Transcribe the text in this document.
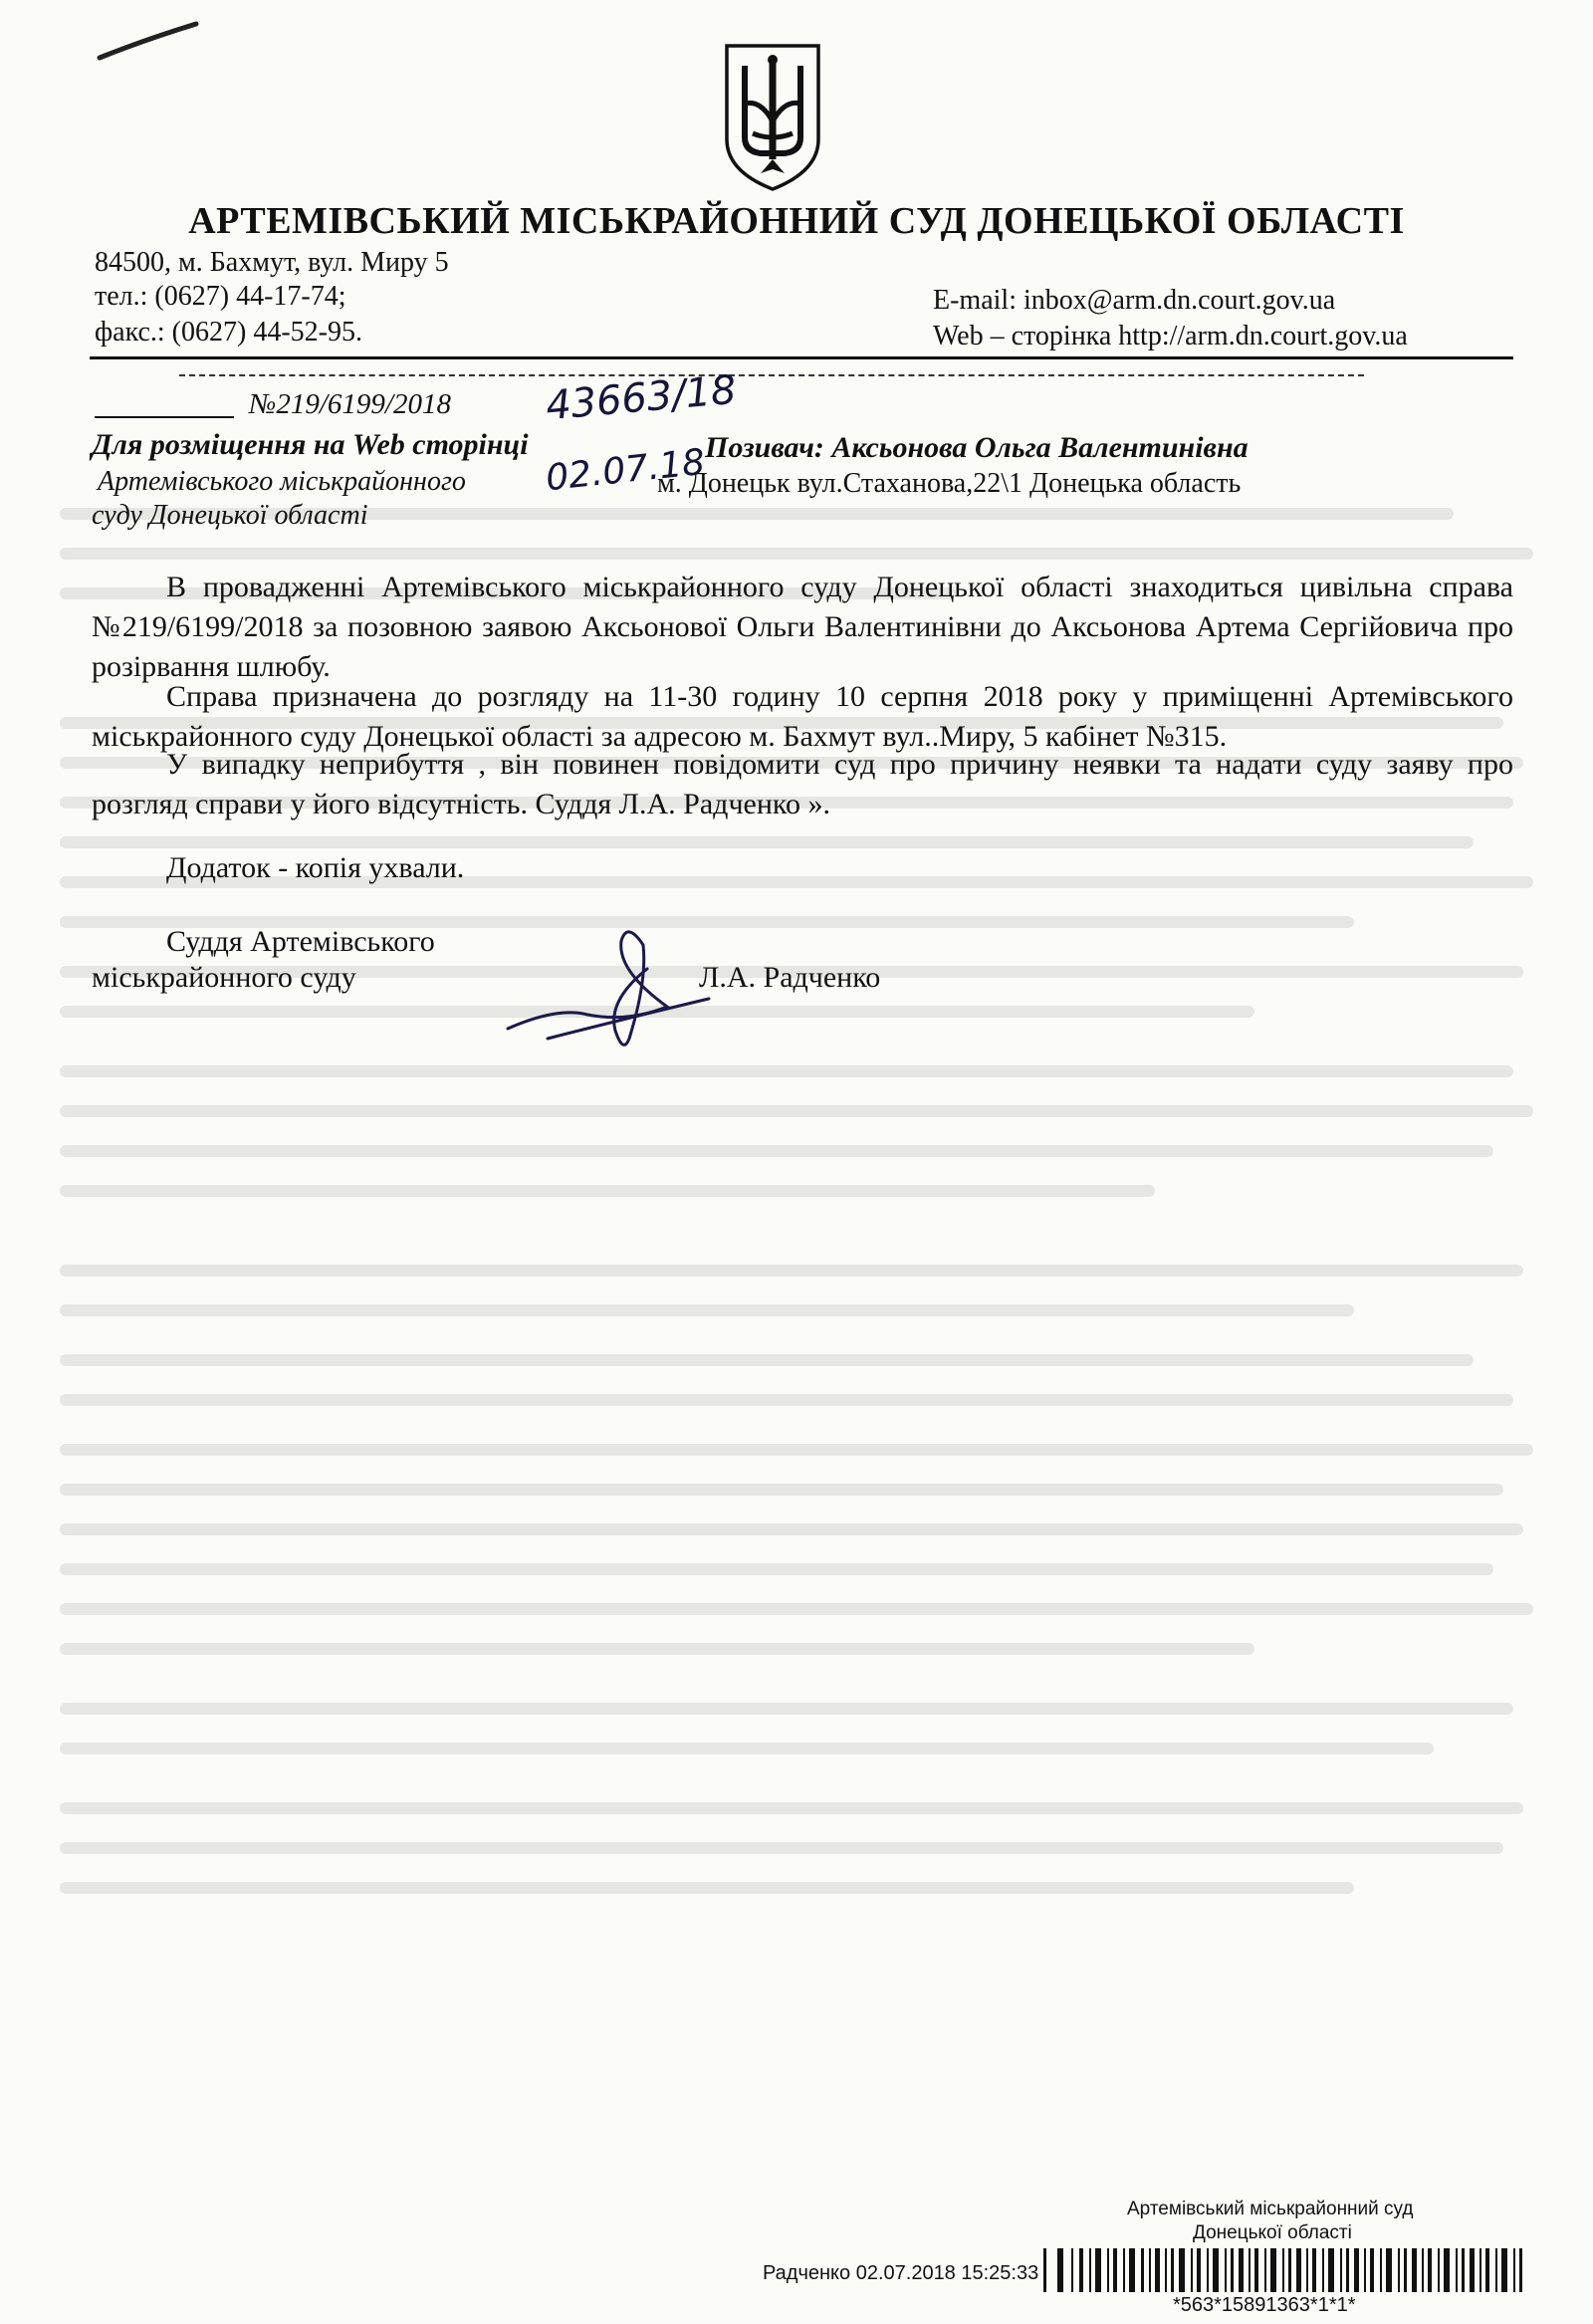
АРТЕМІВСЬКИЙ МІСЬКРАЙОННИЙ СУД ДОНЕЦЬКОЇ ОБЛАСТІ
84500, м. Бахмут, вул. Миру 5
тел.: (0627) 44-17-74;
факс.: (0627) 44-52-95.
E-mail: inbox@arm.dn.court.gov.ua
Web – сторінка http://arm.dn.court.gov.ua
№219/6199/2018 43663/18
02.07.18
Для розміщення на Web сторінці
Артемівського міськрайонного
суду Донецької області
Позивач: Аксьонова Ольга Валентинівна
м. Донецьк вул.Стаханова,22\1 Донецька область
В провадженні Артемівського міськрайонного суду Донецької області знаходиться цивільна справа №219/6199/2018 за позовною заявою Аксьонової Ольги Валентинівни до Аксьонова Артема Сергійовича про розірвання шлюбу.
Справа призначена до розгляду на 11-30 годину 10 серпня 2018 року у приміщенні Артемівського міськрайонного суду Донецької області за адресою м. Бахмут вул..Миру, 5 кабінет №315.
У випадку неприбуття , він повинен повідомити суд про причину неявки та надати суду заяву про розгляд справи у його відсутність. Суддя Л.А. Радченко ».
Додаток - копія ухвали.
Суддя Артемівського
міськрайонного суду	Л.А. Радченко
Артемівський міськрайонний суд
Донецької області
Радченко 02.07.2018 15:25:33
*563*15891363*1*1*
